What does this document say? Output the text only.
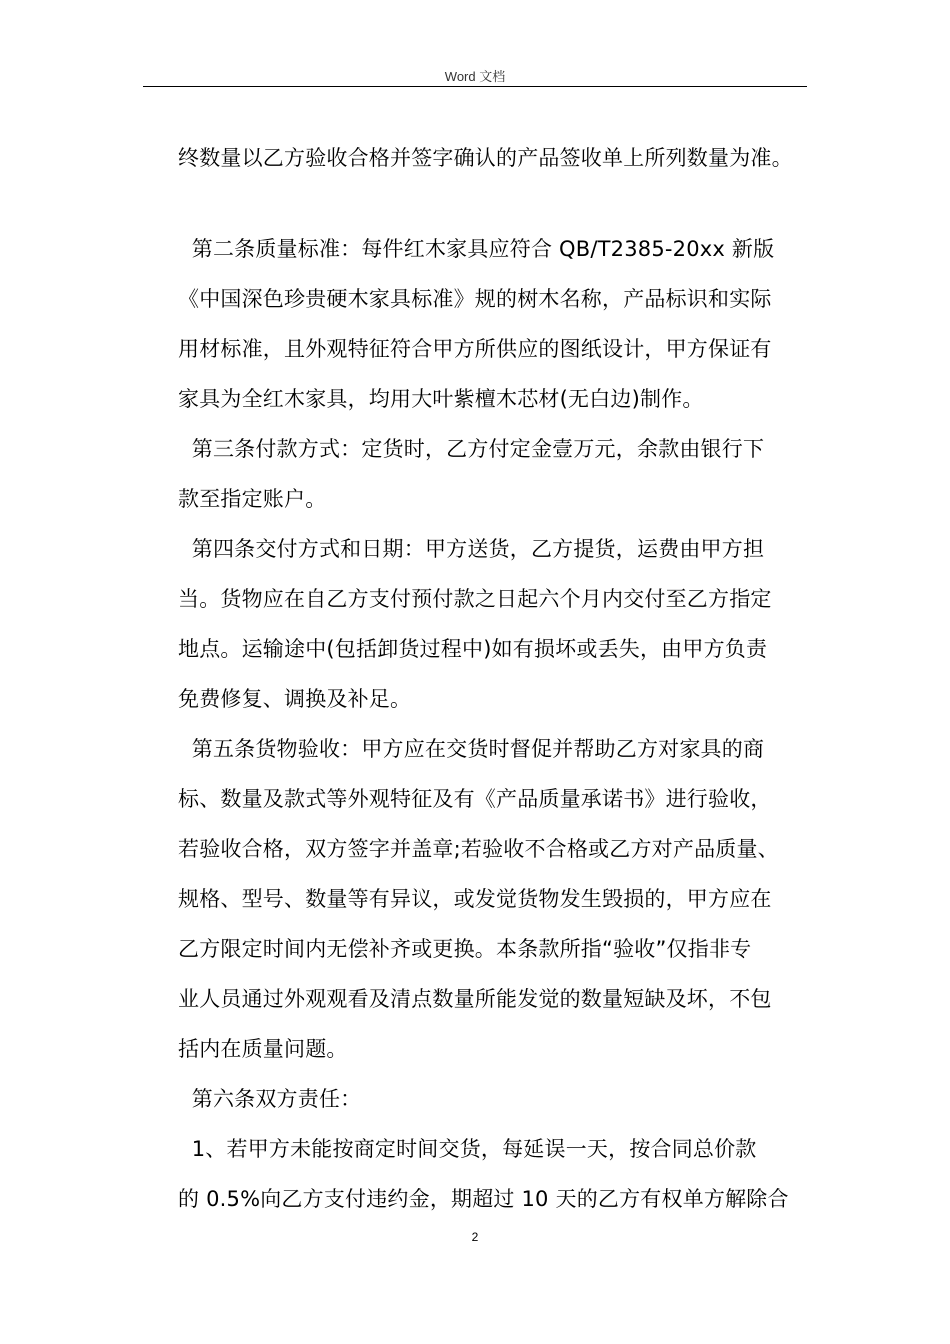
Word 文档
终数量以乙方验收合格并签字确认的产品签收单上所列数量为准。
第二条质量标准：每件红木家具应符合 QB/T2385-20xx 新版
《中国深色珍贵硬木家具标准》规的树木名称，产品标识和实际
用材标准，且外观特征符合甲方所供应的图纸设计，甲方保证有
家具为全红木家具，均用大叶紫檀木芯材(无白边)制作。
第三条付款方式：定货时，乙方付定金壹万元，余款由银行下
款至指定账户。
第四条交付方式和日期：甲方送货，乙方提货，运费由甲方担
当。货物应在自乙方支付预付款之日起六个月内交付至乙方指定
地点。运输途中(包括卸货过程中)如有损坏或丢失，由甲方负责
免费修复、调换及补足。
第五条货物验收：甲方应在交货时督促并帮助乙方对家具的商
标、数量及款式等外观特征及有《产品质量承诺书》进行验收，
若验收合格，双方签字并盖章;若验收不合格或乙方对产品质量、
规格、型号、数量等有异议，或发觉货物发生毁损的，甲方应在
乙方限定时间内无偿补齐或更换。本条款所指“验收”仅指非专
业人员通过外观观看及清点数量所能发觉的数量短缺及坏，不包
括内在质量问题。
第六条双方责任：
1、若甲方未能按商定时间交货，每延误一天，按合同总价款
的 0.5%向乙方支付违约金，期超过 10 天的乙方有权单方解除合
2
